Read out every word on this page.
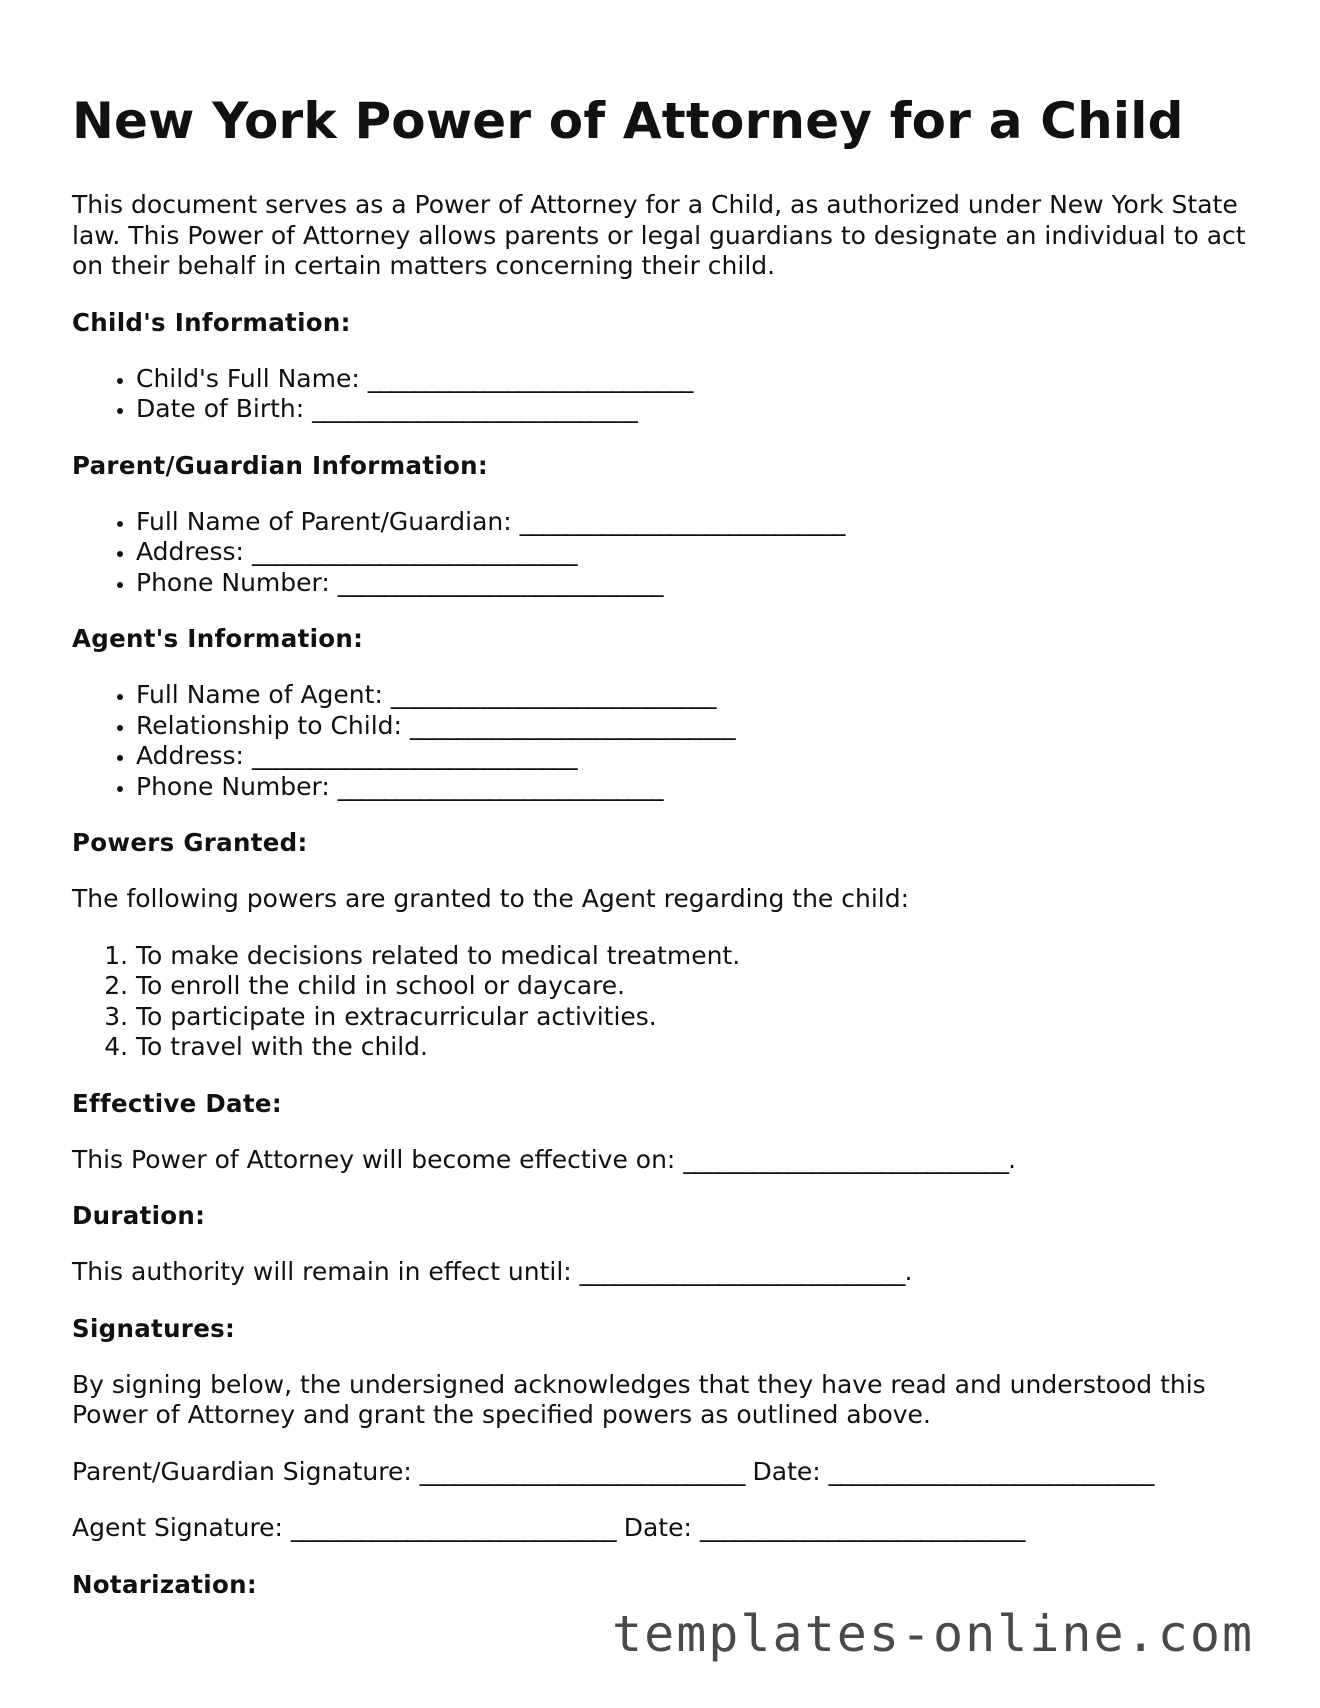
New York Power of Attorney for a Child

This document serves as a Power of Attorney for a Child, as authorized under New York State law. This Power of Attorney allows parents or legal guardians to designate an individual to act on their behalf in certain matters concerning their child.

Child's Information:
• Child's Full Name: _____
• Date of Birth: _____
Parent/Guardian Information:
• Full Name of Parent/Guardian: _____
• Address: _____
• Phone Number: _____
Agent's Information:
• Full Name of Agent: _____
• Relationship to Child: _____
• Address: _____
• Phone Number: _____
Powers Granted:

The following powers are granted to the Agent regarding the child:

1. To make decisions related to medical treatment.
2. To enroll the child in school or daycare.
3. To participate in extracurricular activities.
4. To travel with the child.
Effective Date:

This Power of Attorney will become effective on: _____	.

Duration:

This authority will remain in effect until: _____	.

Signatures:

By signing below, the undersigned acknowledges that they have read and understood this Power of Attorney and grant the specified powers as outlined above.

Parent/Guardian Signature: _____	Date: _____

Agent Signature: _____	Date: _____

Notarization:
templates-online.com
